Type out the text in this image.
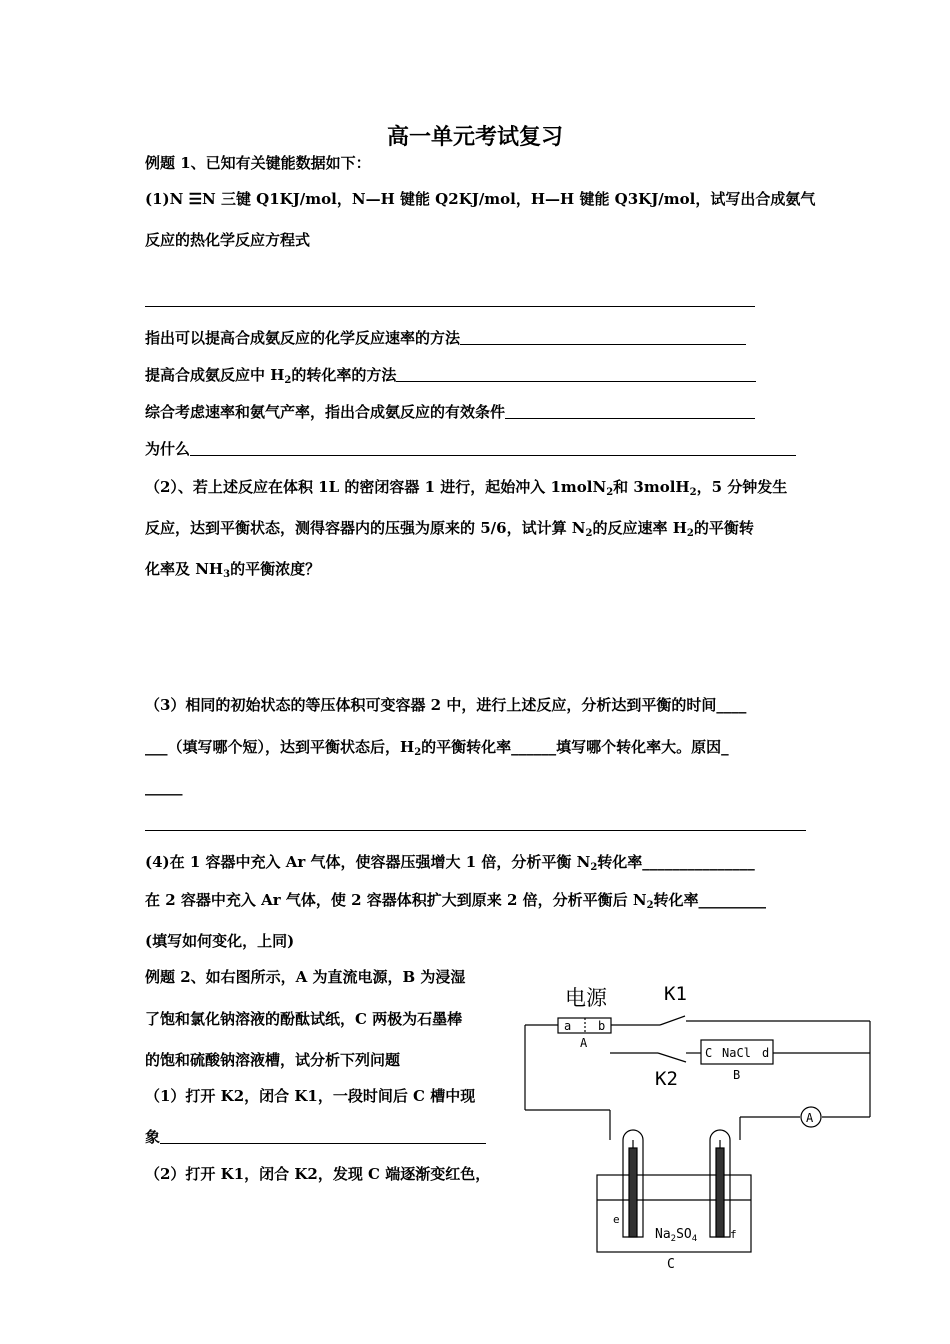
高一单元考试复习
例题 1、已知有关键能数据如下：
(1)N ☰N 三键 Q1KJ/mol，N—H 键能 Q2KJ/mol，H—H 键能 Q3KJ/mol，试写出合成氨气
反应的热化学反应方程式
指出可以提高合成氨反应的化学反应速率的方法
提高合成氨反应中 $H_2$的转化率的方法
综合考虑速率和氨气产率，指出合成氨反应的有效条件
为什么
（2）、若上述反应在体积 1L 的密闭容器 1 进行，起始冲入 1molN$_2$和 3molH$_2$，5 分钟发生
反应，达到平衡状态，测得容器内的压强为原来的 5/6，试计算 $N_2$的反应速率 $H_2$的平衡转
化率及 $NH_3$的平衡浓度？
（3）相同的初始状态的等压体积可变容器 2 中，进行上述反应，分析达到平衡的时间____
___（填写哪个短），达到平衡状态后，$H_2$的平衡转化率______填写哪个转化率大。原因_
_____
(4)在 1 容器中充入 Ar 气体，使容器压强增大 1 倍，分析平衡 $N_2$转化率_______________
在 2 容器中充入 Ar 气体，使 2 容器体积扩大到原来 2 倍，分析平衡后 $N_2$转化率_________
(填写如何变化，上同)
例题 2、如右图所示，A 为直流电源，B 为浸湿
了饱和氯化钠溶液的酚酞试纸，C 两极为石墨棒
的饱和硫酸钠溶液槽，试分析下列问题
（1）打开 K2，闭合 K1，一段时间后 C 槽中现
象
（2）打开 K1，闭合 K2，发现 C 端逐渐变红色，
电源	K1
a b
A
A
K2
C NaCl d
B
e
f
$Na_2SO_4$
C
